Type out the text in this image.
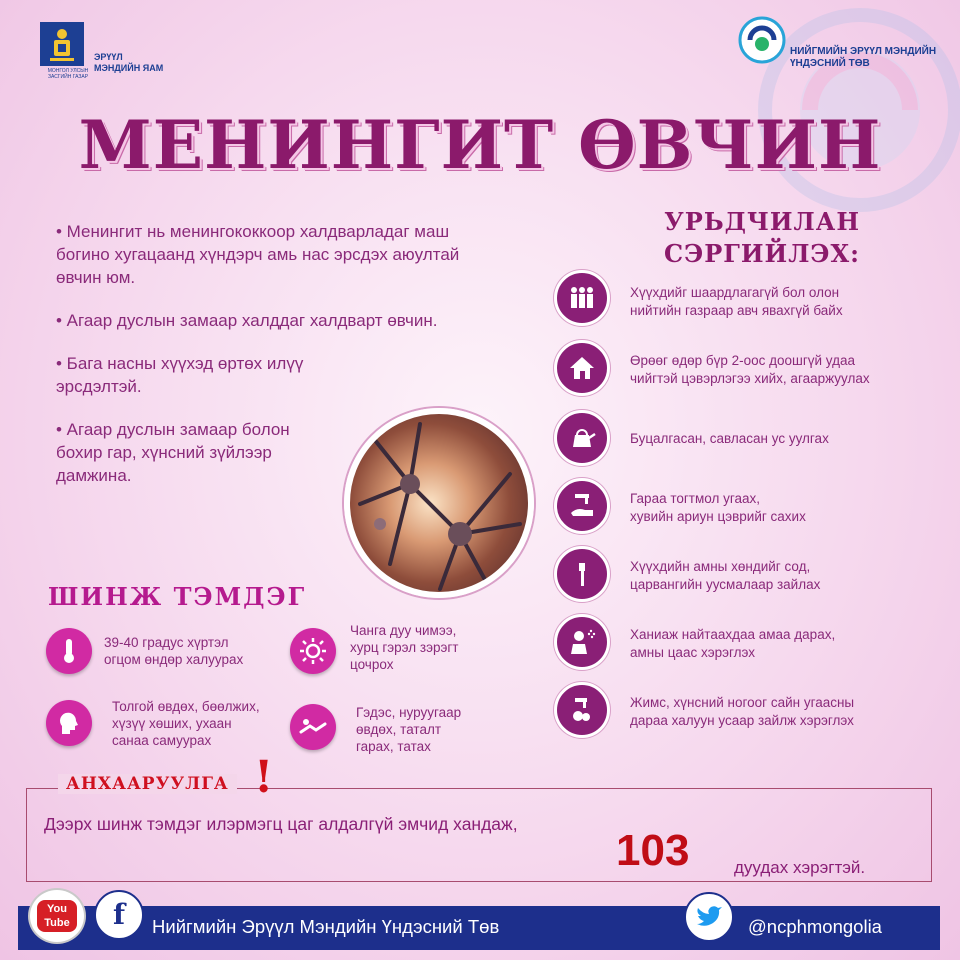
МОНГОЛ УЛСЫН ЗАСГИЙН ГАЗАР
ЭРҮҮЛ
МЭНДИЙН ЯАМ
НИЙГМИЙН ЭРҮҮЛ МЭНДИЙН
ҮНДЭСНИЙ ТӨВ
МЕНИНГИТ ӨВЧИН
• Менингит нь менингококкоор халдварладаг маш богино хугацаанд хүндэрч амь нас эрсдэх аюултай өвчин юм.
• Агаар дуслын замаар халддаг халдварт өвчин.
• Бага насны хүүхэд өртөх илүү эрсдэлтэй.
• Агаар дуслын замаар болон бохир гар, хүнсний зүйлээр дамжина.
ШИНЖ ТЭМДЭГ
39-40 градус хүртэл
огцом өндөр халуурах
Чанга дуу чимээ,
хурц гэрэл зэрэгт
цочрох
Толгой өвдөх, бөөлжих,
хүзүү хөших, ухаан
санаа самуурах
Гэдэс, нуруугаар
өвдөх, таталт
гарах, татах
УРЬДЧИЛАН
СЭРГИЙЛЭХ:
Хүүхдийг шаардлагагүй бол олон
нийтийн газраар авч явахгүй байх
Өрөөг өдөр бүр 2-оос доошгүй удаа
чийгтэй цэвэрлэгээ хийх, агааржуулах
Буцалгасан, савласан ус уулгах
Гараа тогтмол угаах,
хувийн ариун цэврийг сахих
Хүүхдийн амны хөндийг сод,
царвангийн уусмалаар зайлах
Ханиаж найтаахдаа амаа дарах,
амны цаас хэрэглэх
Жимс, хүнсний ногоог сайн угаасны
дараа халуун усаар зайлж хэрэглэх
АНХААРУУЛГА !
Дээрх шинж тэмдэг илэрмэгц цаг алдалгүй эмчид хандаж,
103	дуудах хэрэгтэй.
You
Tube	f	Нийгмийн Эрүүл Мэндийн Үндэсний Төв	@ncphmongolia
